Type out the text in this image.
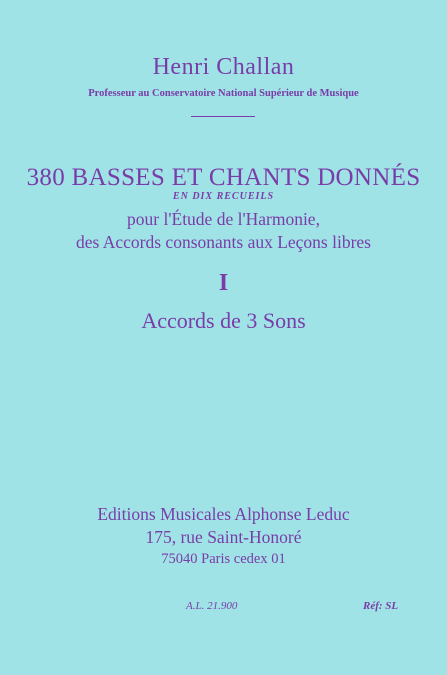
Henri Challan
Professeur au Conservatoire National Supérieur de Musique
380 BASSES ET CHANTS DONNÉS
EN DIX RECUEILS
pour l'Étude de l'Harmonie,
des Accords consonants aux Leçons libres
I
Accords de 3 Sons
Editions Musicales Alphonse Leduc
175, rue Saint-Honoré
75040 Paris cedex 01
A.L. 21.900	Réf: SL
